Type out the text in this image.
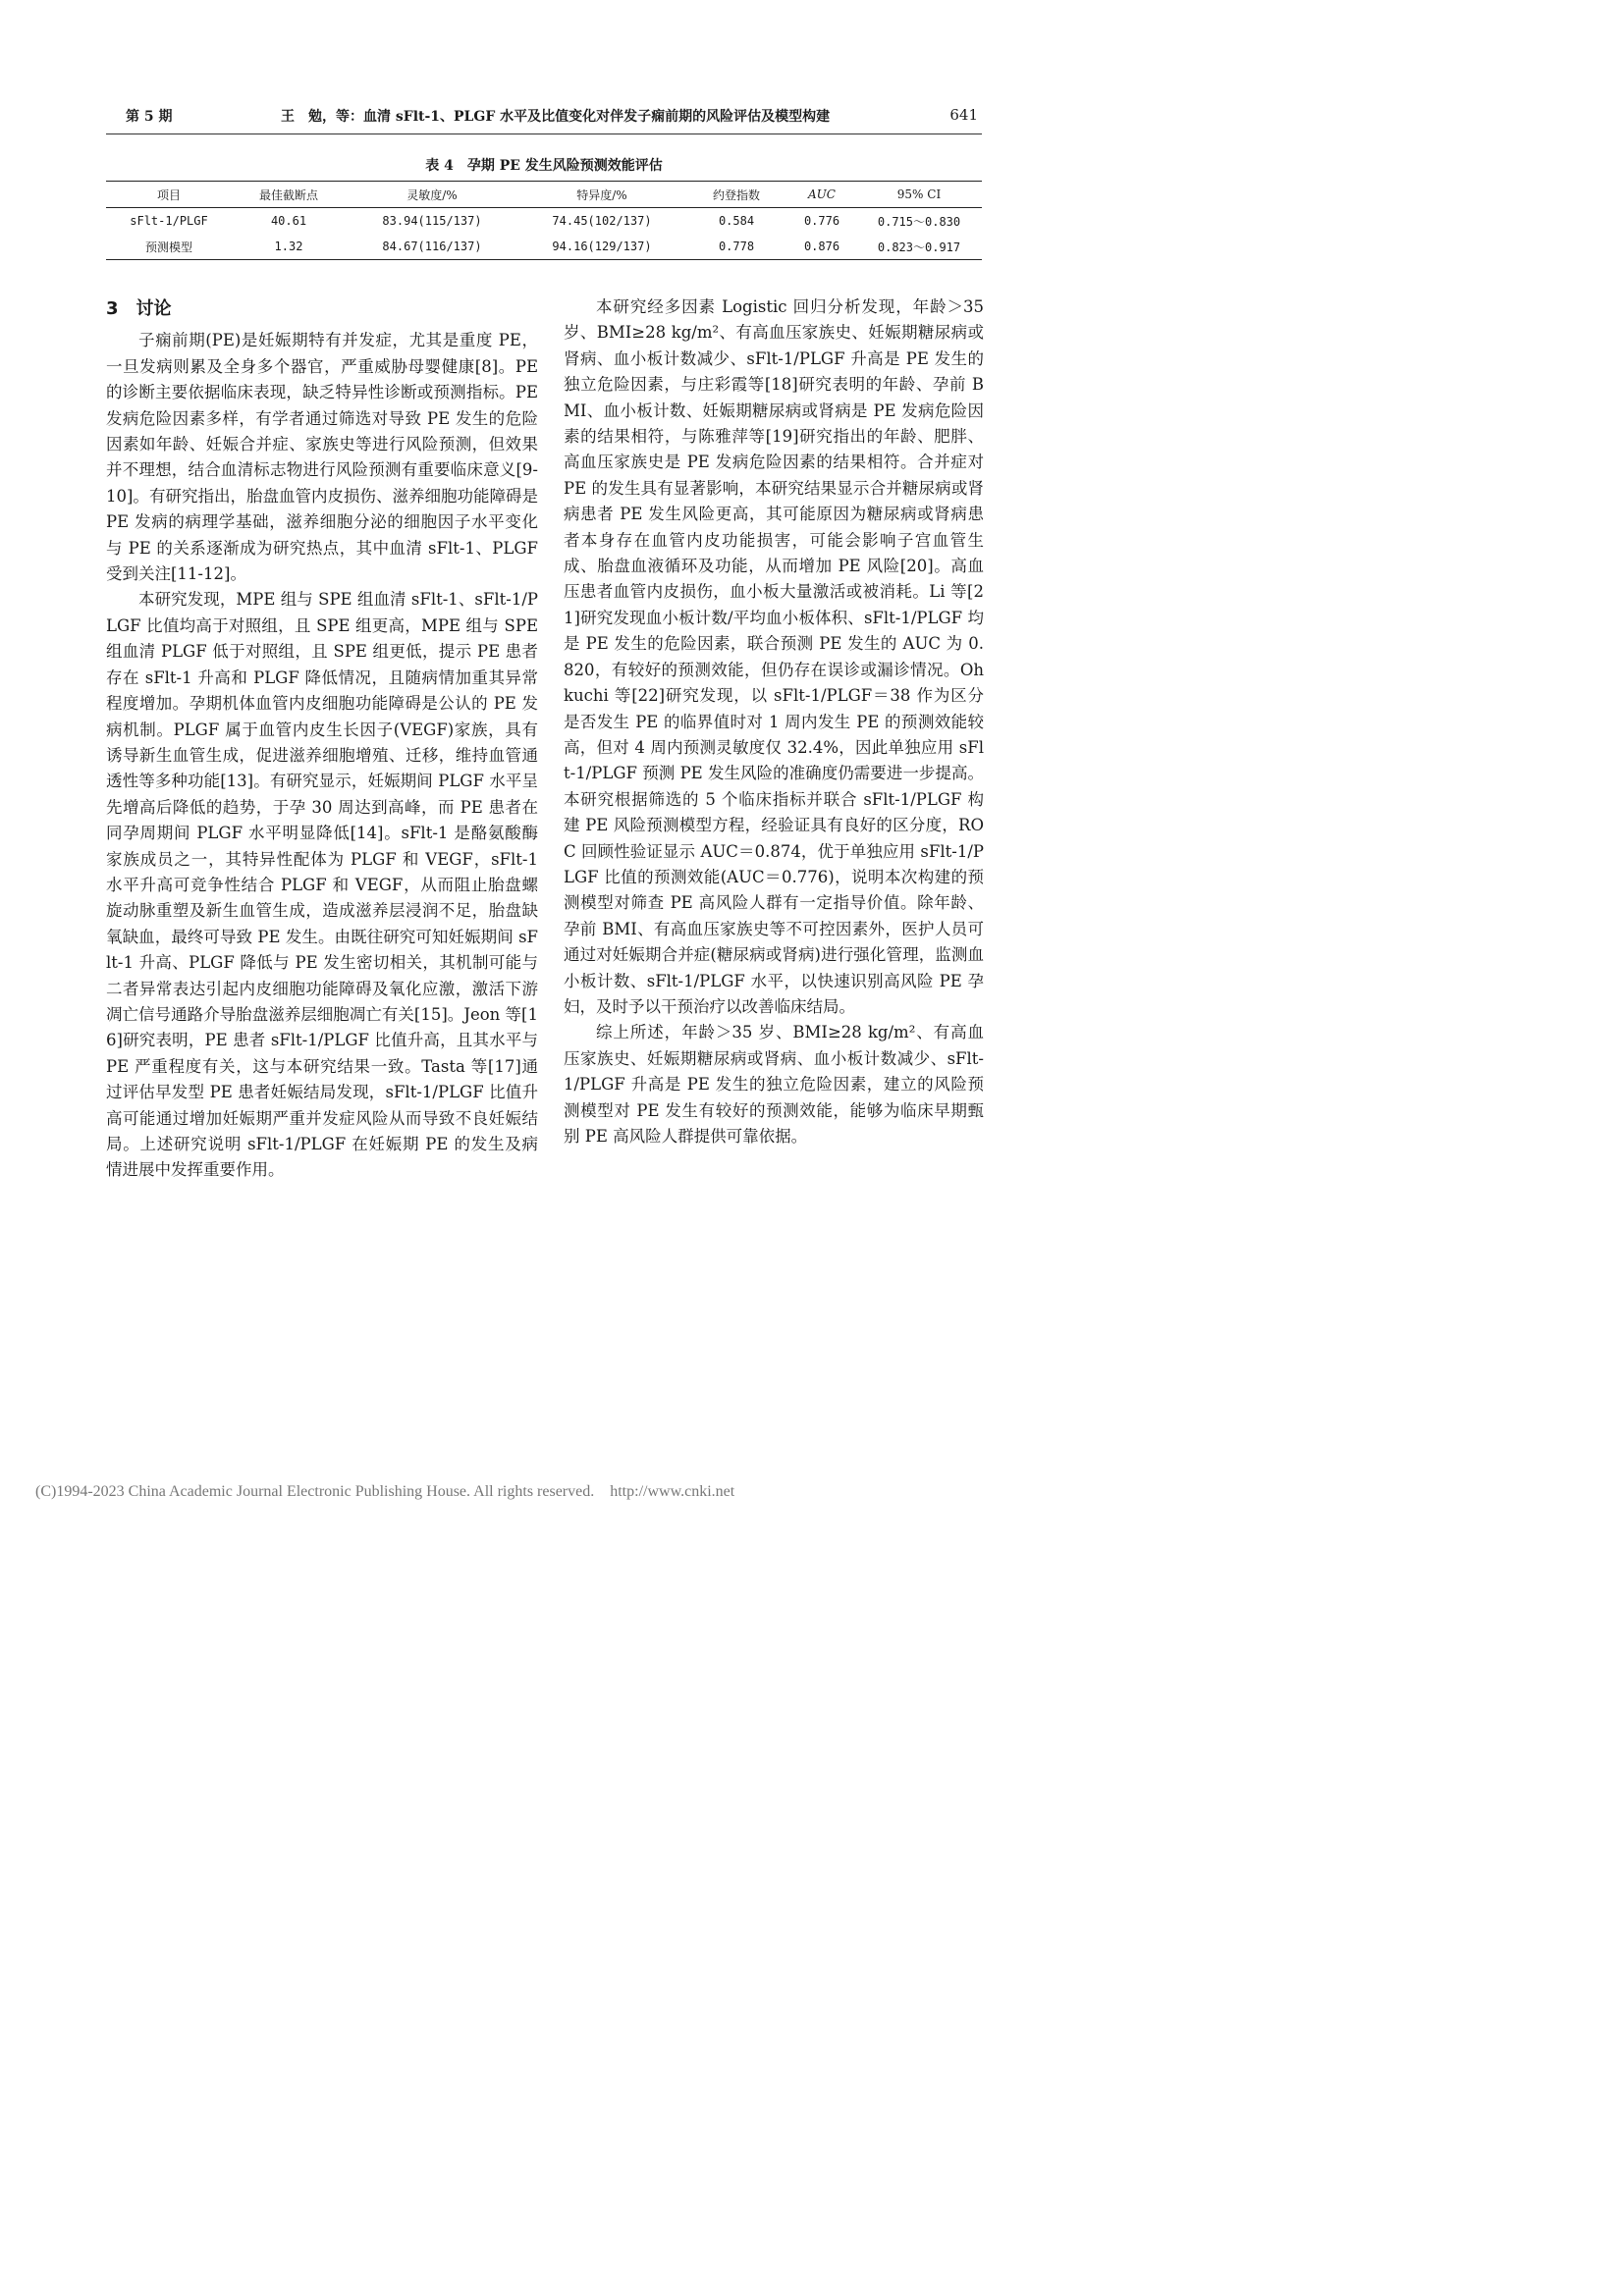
第 5 期	王　勉，等：血清 sFlt-1、PLGF 水平及比值变化对伴发子痫前期的风险评估及模型构建	641
表 4　孕期 PE 发生风险预测效能评估
项目	最佳截断点	灵敏度/%	特异度/%	约登指数	AUC	95% CI
sFlt-1/PLGF	40.61	83.94(115/137)	74.45(102/137)	0.584	0.776	0.715～0.830
预测模型	1.32	84.67(116/137)	94.16(129/137)	0.778	0.876	0.823～0.917

3 讨论

子痫前期(PE)是妊娠期特有并发症，尤其是重度 PE，一旦发病则累及全身多个器官，严重威胁母婴健康[8]。PE 的诊断主要依据临床表现，缺乏特异性诊断或预测指标。PE 发病危险因素多样，有学者通过筛选对导致 PE 发生的危险因素如年龄、妊娠合并症、家族史等进行风险预测，但效果并不理想，结合血清标志物进行风险预测有重要临床意义[9-10]。有研究指出，胎盘血管内皮损伤、滋养细胞功能障碍是 PE 发病的病理学基础，滋养细胞分泌的细胞因子水平变化与 PE 的关系逐渐成为研究热点，其中血清 sFlt-1、PLGF 受到关注[11-12]。

本研究发现，MPE 组与 SPE 组血清 sFlt-1、sFlt-1/PLGF 比值均高于对照组，且 SPE 组更高，MPE 组与 SPE 组血清 PLGF 低于对照组，且 SPE 组更低，提示 PE 患者存在 sFlt-1 升高和 PLGF 降低情况，且随病情加重其异常程度增加。孕期机体血管内皮细胞功能障碍是公认的 PE 发病机制。PLGF 属于血管内皮生长因子(VEGF)家族，具有诱导新生血管生成，促进滋养细胞增殖、迁移，维持血管通透性等多种功能[13]。有研究显示，妊娠期间 PLGF 水平呈先增高后降低的趋势，于孕 30 周达到高峰，而 PE 患者在同孕周期间 PLGF 水平明显降低[14]。sFlt-1 是酪氨酸酶家族成员之一，其特异性配体为 PLGF 和 VEGF，sFlt-1 水平升高可竞争性结合 PLGF 和 VEGF，从而阻止胎盘螺旋动脉重塑及新生血管生成，造成滋养层浸润不足，胎盘缺氧缺血，最终可导致 PE 发生。由既往研究可知妊娠期间 sFlt-1 升高、PLGF 降低与 PE 发生密切相关，其机制可能与二者异常表达引起内皮细胞功能障碍及氧化应激，激活下游凋亡信号通路介导胎盘滋养层细胞凋亡有关[15]。Jeon 等[16]研究表明，PE 患者 sFlt-1/PLGF 比值升高，且其水平与 PE 严重程度有关，这与本研究结果一致。Tasta 等[17]通过评估早发型 PE 患者妊娠结局发现，sFlt-1/PLGF 比值升高可能通过增加妊娠期严重并发症风险从而导致不良妊娠结局。上述研究说明 sFlt-1/PLGF 在妊娠期 PE 的发生及病情进展中发挥重要作用。

本研究经多因素 Logistic 回归分析发现，年龄＞35 岁、BMI≥28 kg/m²、有高血压家族史、妊娠期糖尿病或肾病、血小板计数减少、sFlt-1/PLGF 升高是 PE 发生的独立危险因素，与庄彩霞等[18]研究表明的年龄、孕前 BMI、血小板计数、妊娠期糖尿病或肾病是 PE 发病危险因素的结果相符，与陈雅萍等[19]研究指出的年龄、肥胖、高血压家族史是 PE 发病危险因素的结果相符。合并症对 PE 的发生具有显著影响，本研究结果显示合并糖尿病或肾病患者 PE 发生风险更高，其可能原因为糖尿病或肾病患者本身存在血管内皮功能损害，可能会影响子宫血管生成、胎盘血液循环及功能，从而增加 PE 风险[20]。高血压患者血管内皮损伤，血小板大量激活或被消耗。Li 等[21]研究发现血小板计数/平均血小板体积、sFlt-1/PLGF 均是 PE 发生的危险因素，联合预测 PE 发生的 AUC 为 0.820，有较好的预测效能，但仍存在误诊或漏诊情况。Ohkuchi 等[22]研究发现，以 sFlt-1/PLGF＝38 作为区分是否发生 PE 的临界值时对 1 周内发生 PE 的预测效能较高，但对 4 周内预测灵敏度仅 32.4%，因此单独应用 sFlt-1/PLGF 预测 PE 发生风险的准确度仍需要进一步提高。本研究根据筛选的 5 个临床指标并联合 sFlt-1/PLGF 构建 PE 风险预测模型方程，经验证具有良好的区分度，ROC 回顾性验证显示 AUC＝0.874，优于单独应用 sFlt-1/PLGF 比值的预测效能(AUC＝0.776)，说明本次构建的预测模型对筛查 PE 高风险人群有一定指导价值。除年龄、孕前 BMI、有高血压家族史等不可控因素外，医护人员可通过对妊娠期合并症(糖尿病或肾病)进行强化管理，监测血小板计数、sFlt-1/PLGF 水平，以快速识别高风险 PE 孕妇，及时予以干预治疗以改善临床结局。

综上所述，年龄＞35 岁、BMI≥28 kg/m²、有高血压家族史、妊娠期糖尿病或肾病、血小板计数减少、sFlt-1/PLGF 升高是 PE 发生的独立危险因素，建立的风险预测模型对 PE 发生有较好的预测效能，能够为临床早期甄别 PE 高风险人群提供可靠依据。

(C)1994-2023 China Academic Journal Electronic Publishing House. All rights reserved. http://www.cnki.net
